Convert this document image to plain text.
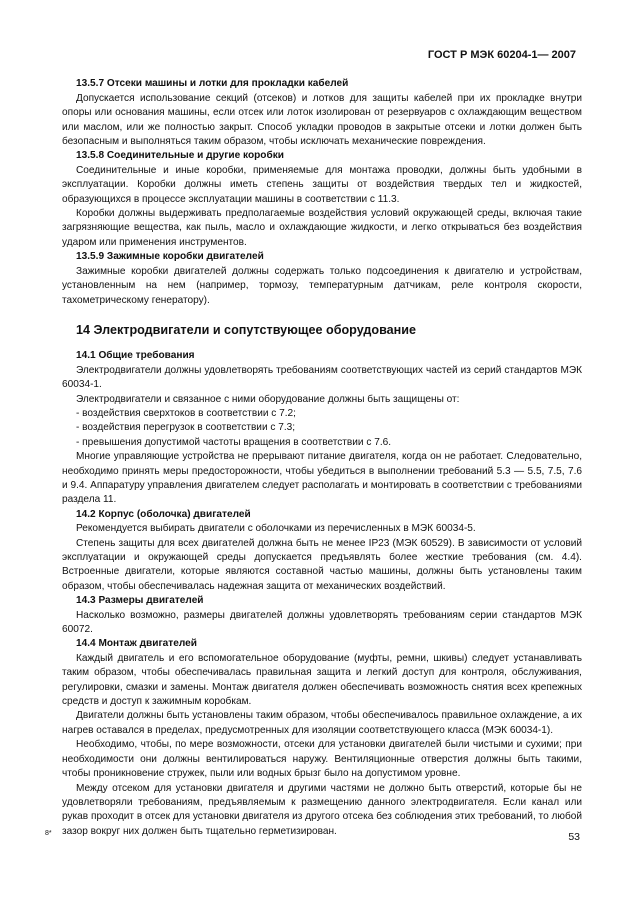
ГОСТ Р МЭК 60204-1— 2007
13.5.7 Отсеки машины и лотки для прокладки кабелей
Допускается использование секций (отсеков) и лотков для защиты кабелей при их прокладке внутри опоры или основания машины, если отсек или лоток изолирован от резервуаров с охлаждающим веществом или маслом, или же полностью закрыт. Способ укладки проводов в закрытые отсеки и лотки должен быть безопасным и выполняться таким образом, чтобы исключать механические повреждения.
13.5.8 Соединительные и другие коробки
Соединительные и иные коробки, применяемые для монтажа проводки, должны быть удобными в эксплуатации. Коробки должны иметь степень защиты от воздействия твердых тел и жидкостей, образующихся в процессе эксплуатации машины в соответствии с 11.3.
Коробки должны выдерживать предполагаемые воздействия условий окружающей среды, включая такие загрязняющие вещества, как пыль, масло и охлаждающие жидкости, и легко открываться без воздействия ударом или применения инструментов.
13.5.9 Зажимные коробки двигателей
Зажимные коробки двигателей должны содержать только подсоединения к двигателю и устройствам, установленным на нем (например, тормозу, температурным датчикам, реле контроля скорости, тахометрическому генератору).
14 Электродвигатели и сопутствующее оборудование
14.1 Общие требования
Электродвигатели должны удовлетворять требованиям соответствующих частей из серий стандартов МЭК 60034-1.
Электродвигатели и связанное с ними оборудование должны быть защищены от:
- воздействия сверхтоков в соответствии с 7.2;
- воздействия перегрузок в соответствии с 7.3;
- превышения допустимой частоты вращения в соответствии с 7.6.
Многие управляющие устройства не прерывают питание двигателя, когда он не работает. Следовательно, необходимо принять меры предосторожности, чтобы убедиться в выполнении требований 5.3 — 5.5, 7.5, 7.6 и 9.4. Аппаратуру управления двигателем следует располагать и монтировать в соответствии с требованиями раздела 11.
14.2 Корпус (оболочка) двигателей
Рекомендуется выбирать двигатели с оболочками из перечисленных в МЭК 60034-5.
Степень защиты для всех двигателей должна быть не менее IP23 (МЭК 60529). В зависимости от условий эксплуатации и окружающей среды допускается предъявлять более жесткие требования (см. 4.4). Встроенные двигатели, которые являются составной частью машины, должны быть установлены таким образом, чтобы обеспечивалась надежная защита от механических воздействий.
14.3 Размеры двигателей
Насколько возможно, размеры двигателей должны удовлетворять требованиям серии стандартов МЭК 60072.
14.4 Монтаж двигателей
Каждый двигатель и его вспомогательное оборудование (муфты, ремни, шкивы) следует устанавливать таким образом, чтобы обеспечивалась правильная защита и легкий доступ для контроля, обслуживания, регулировки, смазки и замены. Монтаж двигателя должен обеспечивать возможность снятия всех крепежных средств и доступ к зажимным коробкам.
Двигатели должны быть установлены таким образом, чтобы обеспечивалось правильное охлаждение, а их нагрев оставался в пределах, предусмотренных для изоляции соответствующего класса (МЭК 60034-1).
Необходимо, чтобы, по мере возможности, отсеки для установки двигателей были чистыми и сухими; при необходимости они должны вентилироваться наружу. Вентиляционные отверстия должны быть такими, чтобы проникновение стружек, пыли или водных брызг было на допустимом уровне.
Между отсеком для установки двигателя и другими частями не должно быть отверстий, которые бы не удовлетворяли требованиям, предъявляемым к размещению данного электродвигателя. Если канал или рукав проходит в отсек для установки двигателя из другого отсека без соблюдения этих требований, то любой зазор вокруг них должен быть тщательно герметизирован.
8*	53
